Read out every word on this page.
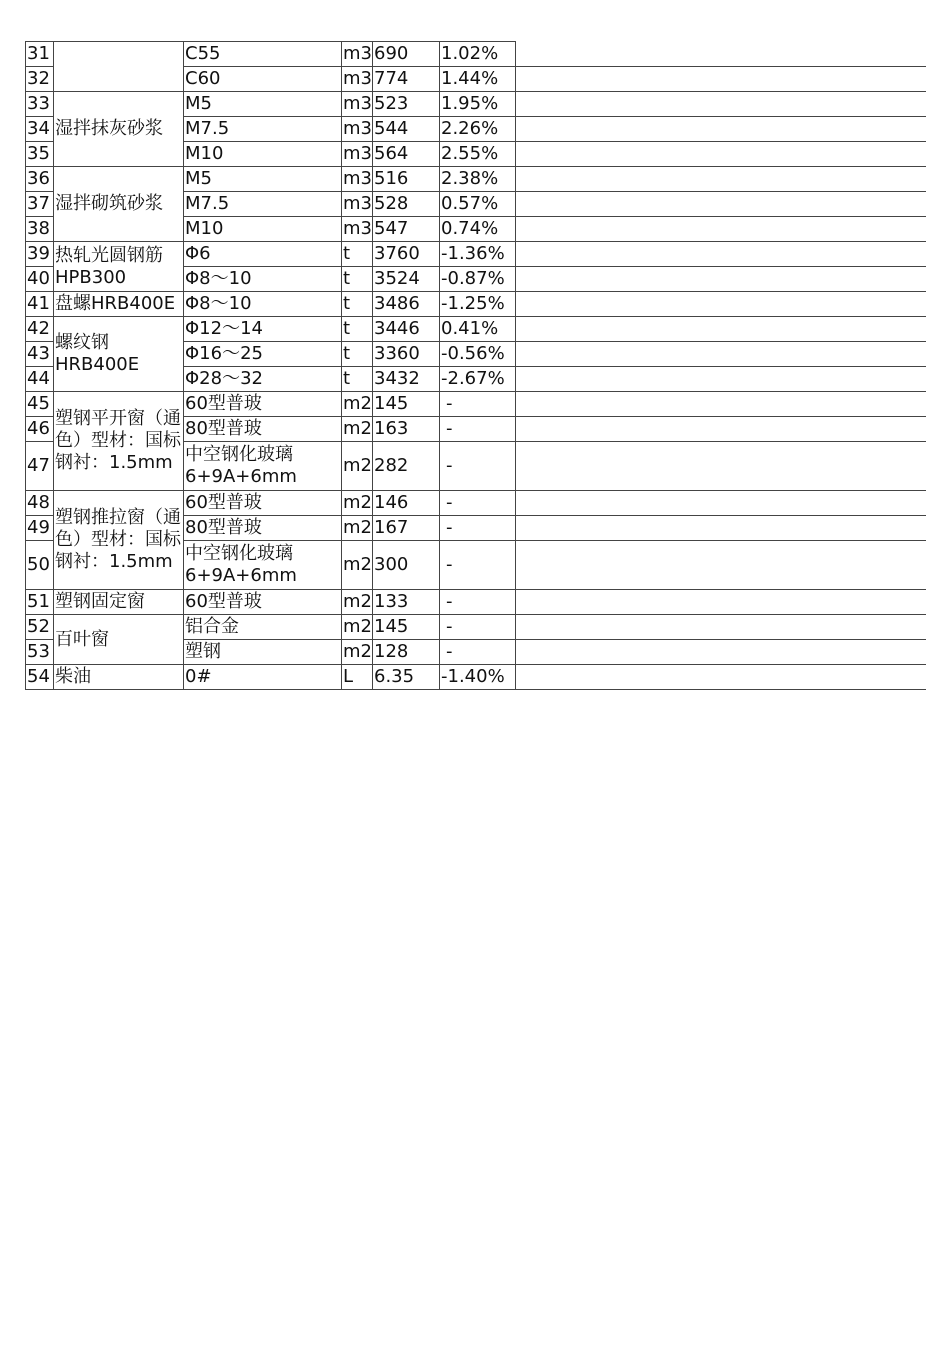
31		C55	m3	690	1.02%	
32		C60	m3	774	1.44%	
33	湿拌抹灰砂浆	M5	m3	523	1.95%	
34		M7.5	m3	544	2.26%	
35		M10	m3	564	2.55%	
36	湿拌砌筑砂浆	M5	m3	516	2.38%	
37		M7.5	m3	528	0.57%	
38		M10	m3	547	0.74%	
39	热轧光圆钢筋HPB300	Φ6	t	3760	-1.36%	
40		Φ8～10	t	3524	-0.87%	
41	盘螺HRB400E	Φ8～10	t	3486	-1.25%	
42	螺纹钢HRB400E	Φ12～14	t	3446	0.41%	
43		Φ16～25	t	3360	-0.56%	
44		Φ28～32	t	3432	-2.67%	
45	塑钢平开窗（通色）型材：国标钢衬：1.5mm	60型普玻	m2	145	-	
46		80型普玻	m2	163	-	
47		中空钢化玻璃6+9A+6mm	m2	282	-	
48	塑钢推拉窗（通色）型材：国标钢衬：1.5mm	60型普玻	m2	146	-	
49		80型普玻	m2	167	-	
50		中空钢化玻璃6+9A+6mm	m2	300	-	
51	塑钢固定窗	60型普玻	m2	133	-	
52	百叶窗	铝合金	m2	145	-	
53		塑钢	m2	128	-	
54	柴油	0#	L	6.35	-1.40%	
